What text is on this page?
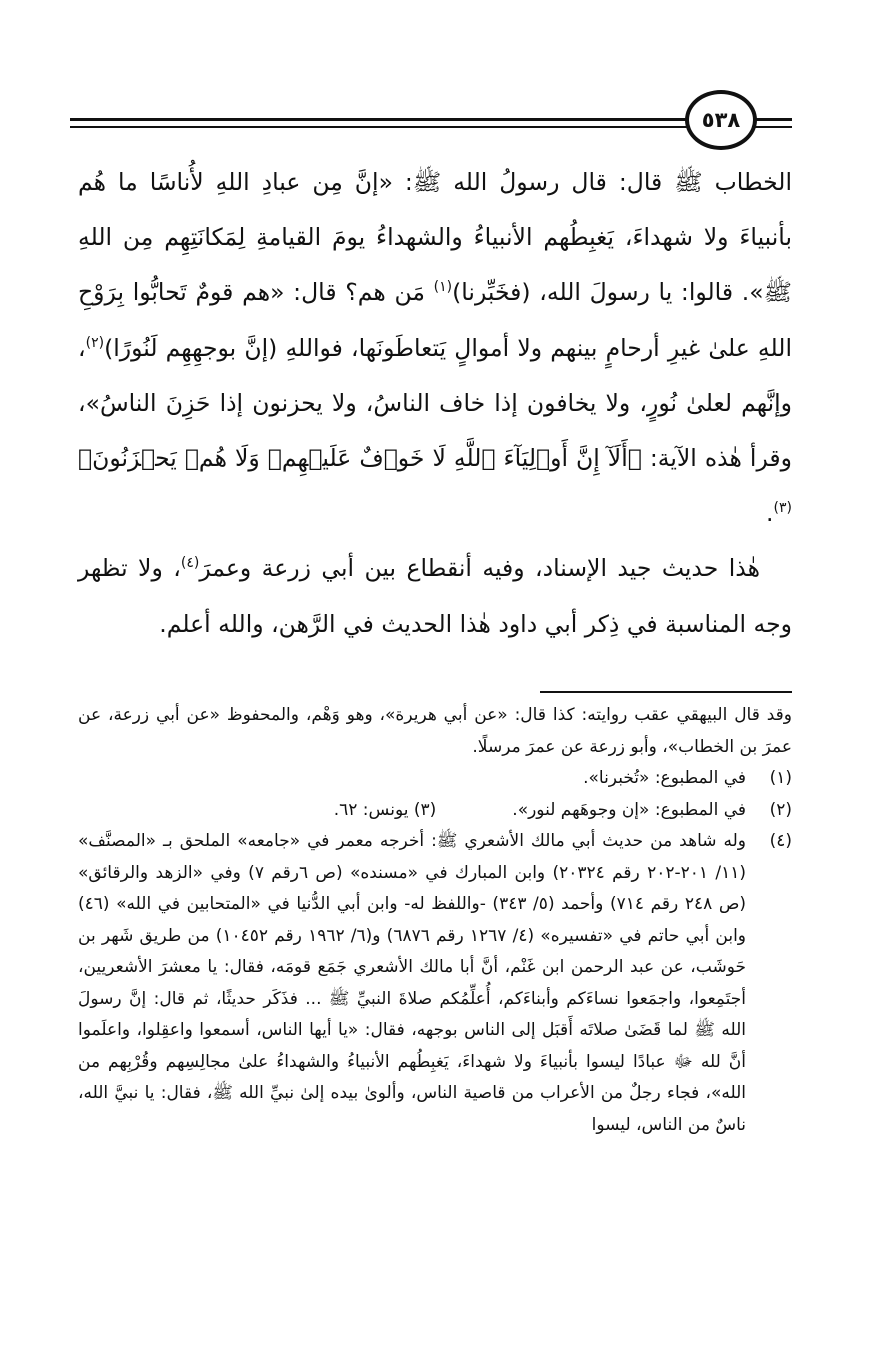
٥٣٨

الخطاب ﷺ قال: قال رسولُ الله ﷺ: «إنَّ مِن عبادِ اللهِ لأُناسًا ما هُم بأنبياءَ ولا شهداءَ، يَغبِطُهم الأنبياءُ والشهداءُ يومَ القيامةِ لِمَكانَتِهِم مِن اللهِ ﷺ». قالوا: يا رسولَ الله، (فخَبِّرنا)$^{(١)}$ مَن هم؟ قال: «هم قومٌ تَحابُّوا بِرَوْحِ اللهِ علىٰ غيرِ أرحامٍ بينهم ولا أموالٍ يَتعاطَونَها، فواللهِ (إنَّ بوجهِهِم لَنُورًا)$^{(٢)}$، وإنَّهم لعلىٰ نُورٍ، ولا يخافون إذا خاف الناسُ، ولا يحزنون إذا حَزِنَ الناسُ»، وقرأ هٰذه الآية: ﴿أَلَآ إِنَّ أَوۡلِيَآءَ ٱللَّهِ لَا خَوۡفٌ عَلَيۡهِمۡ وَلَا هُمۡ يَحۡزَنُونَ﴾$^{(٣)}$.

هٰذا حديث جيد الإسناد، وفيه أنقطاع بين أبي زرعة وعمرَ$^{(٤)}$، ولا تظهر وجه المناسبة في ذِكر أبي داود هٰذا الحديث في الرَّهن، والله أعلم.

وقد قال البيهقي عقب روايته: كذا قال: «عن أبي هريرة»، وهو وَهْم، والمحفوظ «عن أبي زرعة، عن عمرَ بن الخطاب»، وأبو زرعة عن عمرَ مرسلًا.

(١)
في المطبوع: «تُخبرنا».
(٢)
في المطبوع: «إن وجوهَهم لنور».(٣) يونس: ٦٢.
(٤)
وله شاهد من حديث أبي مالك الأشعري ﷺ: أخرجه معمر في «جامعه» الملحق بـ «المصنَّف» (١١/ ٢٠١-٢٠٢ رقم ٢٠٣٢٤) وابن المبارك في «مسنده» (ص ٦رقم ٧) وفي «الزهد والرقائق» (ص ٢٤٨ رقم ٧١٤) وأحمد (٥/ ٣٤٣) -واللفظ له- وابن أبي الدُّنيا في «المتحابين في الله» (٤٦) وابن أبي حاتم في «تفسيره» (٤/ ١٢٦٧ رقم ٦٨٧٦) و(٦/ ١٩٦٢ رقم ١٠٤٥٢) من طريق شَهر بن حَوشَب، عن عبد الرحمن ابن غَنْم، أنَّ أبا مالك الأشعري جَمَع قومَه، فقال: يا معشرَ الأشعريين، أجتَمِعوا، واجمَعوا نساءَكم وأبناءَكم، أُعلِّمُكم صلاةَ النبيِّ ﷺ ... فذَكَر حديثًا، ثم قال: إنَّ رسولَ الله ﷺ لما قَضَىٰ صلاتَه أَقبَل إلى الناس بوجهه، فقال: «يا أيها الناس، أسمعوا واعقِلوا، واعلَموا أنَّ لله ﷻ عبادًا ليسوا بأنبياءَ ولا شهداءَ، يَغبِطُهم الأنبياءُ والشهداءُ علىٰ مجالِسِهم وقُرْبِهم من الله»، فجاء رجلٌ من الأعراب من قاصية الناس، وألوىٰ بيده إلىٰ نبيِّ الله ﷺ، فقال: يا نبيَّ الله، ناسٌ من الناس، ليسوا
